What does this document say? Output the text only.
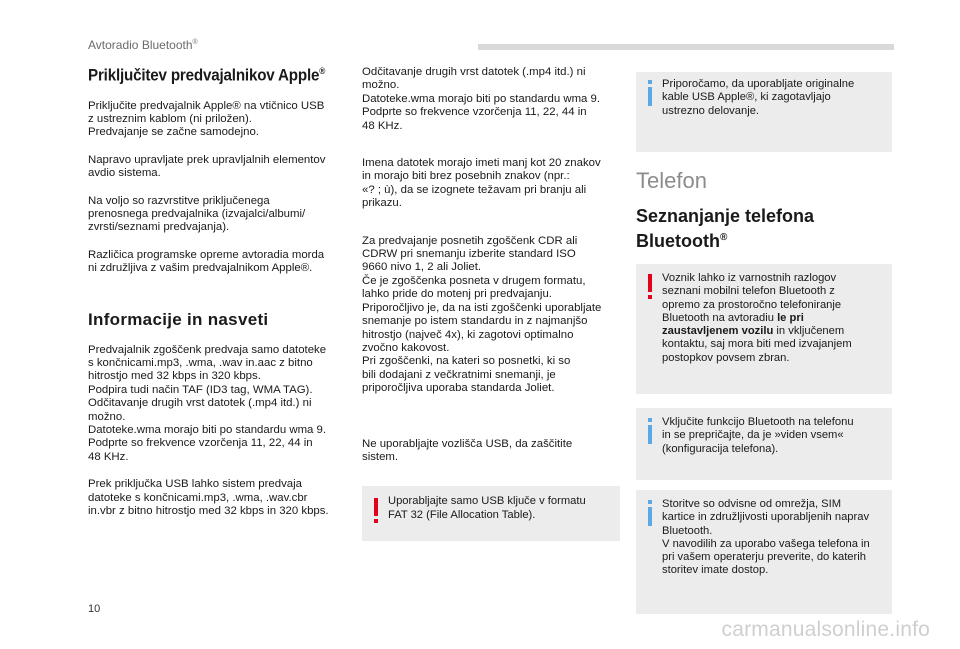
Avtoradio Bluetooth®
Priključitev predvajalnikov Apple®

Priključite predvajalnik Apple® na vtičnico USB
z ustreznim kablom (ni priložen).
Predvajanje se začne samodejno.

Napravo upravljate prek upravljalnih elementov
avdio sistema.

Na voljo so razvrstitve priključenega
prenosnega predvajalnika (izvajalci/albumi/
zvrsti/seznami predvajanja).

Različica programske opreme avtoradia morda
ni združljiva z vašim predvajalnikom Apple®.

Informacije in nasveti

Predvajalnik zgoščenk predvaja samo datoteke
s končnicami.mp3, .wma, .wav in.aac z bitno
hitrostjo med 32 kbps in 320 kbps.
Podpira tudi način TAF (ID3 tag, WMA TAG).
Odčitavanje drugih vrst datotek (.mp4 itd.) ni
možno.
Datoteke.wma morajo biti po standardu wma 9.
Podprte so frekvence vzorčenja 11, 22, 44 in
48 KHz.

Prek priključka USB lahko sistem predvaja
datoteke s končnicami.mp3, .wma, .wav.cbr
in.vbr z bitno hitrostjo med 32 kbps in 320 kbps.

Odčitavanje drugih vrst datotek (.mp4 itd.) ni
možno.
Datoteke.wma morajo biti po standardu wma 9.
Podprte so frekvence vzorčenja 11, 22, 44 in
48 KHz.

Imena datotek morajo imeti manj kot 20 znakov
in morajo biti brez posebnih znakov (npr.:
«? ; ù), da se izognete težavam pri branju ali
prikazu.

Za predvajanje posnetih zgoščenk CDR ali
CDRW pri snemanju izberite standard ISO
9660 nivo 1, 2 ali Joliet.
Če je zgoščenka posneta v drugem formatu,
lahko pride do motenj pri predvajanju.
Priporočljivo je, da na isti zgoščenki uporabljate
snemanje po istem standardu in z najmanjšo
hitrostjo (največ 4x), ki zagotovi optimalno
zvočno kakovost.
Pri zgoščenki, na kateri so posnetki, ki so
bili dodajani z večkratnimi snemanji, je
priporočljiva uporaba standarda Joliet.

Ne uporabljajte vozlišča USB, da zaščitite
sistem.

Uporabljajte samo USB ključe v formatu
FAT 32 (File Allocation Table).

Priporočamo, da uporabljate originalne
kable USB Apple®, ki zagotavljajo
ustrezno delovanje.

Telefon
Seznanjanje telefona
Bluetooth®

Voznik lahko iz varnostnih razlogov
seznani mobilni telefon Bluetooth z
opremo za prostoročno telefoniranje
Bluetooth na avtoradiu le pri
zaustavljenem vozilu in vključenem
kontaktu, saj mora biti med izvajanjem
postopkov povsem zbran.

Vključite funkcijo Bluetooth na telefonu
in se prepričajte, da je »viden vsem«
(konfiguracija telefona).

Storitve so odvisne od omrežja, SIM
kartice in združljivosti uporabljenih naprav
Bluetooth.
V navodilih za uporabo vašega telefona in
pri vašem operaterju preverite, do katerih
storitev imate dostop.

10
carmanualsonline.info
